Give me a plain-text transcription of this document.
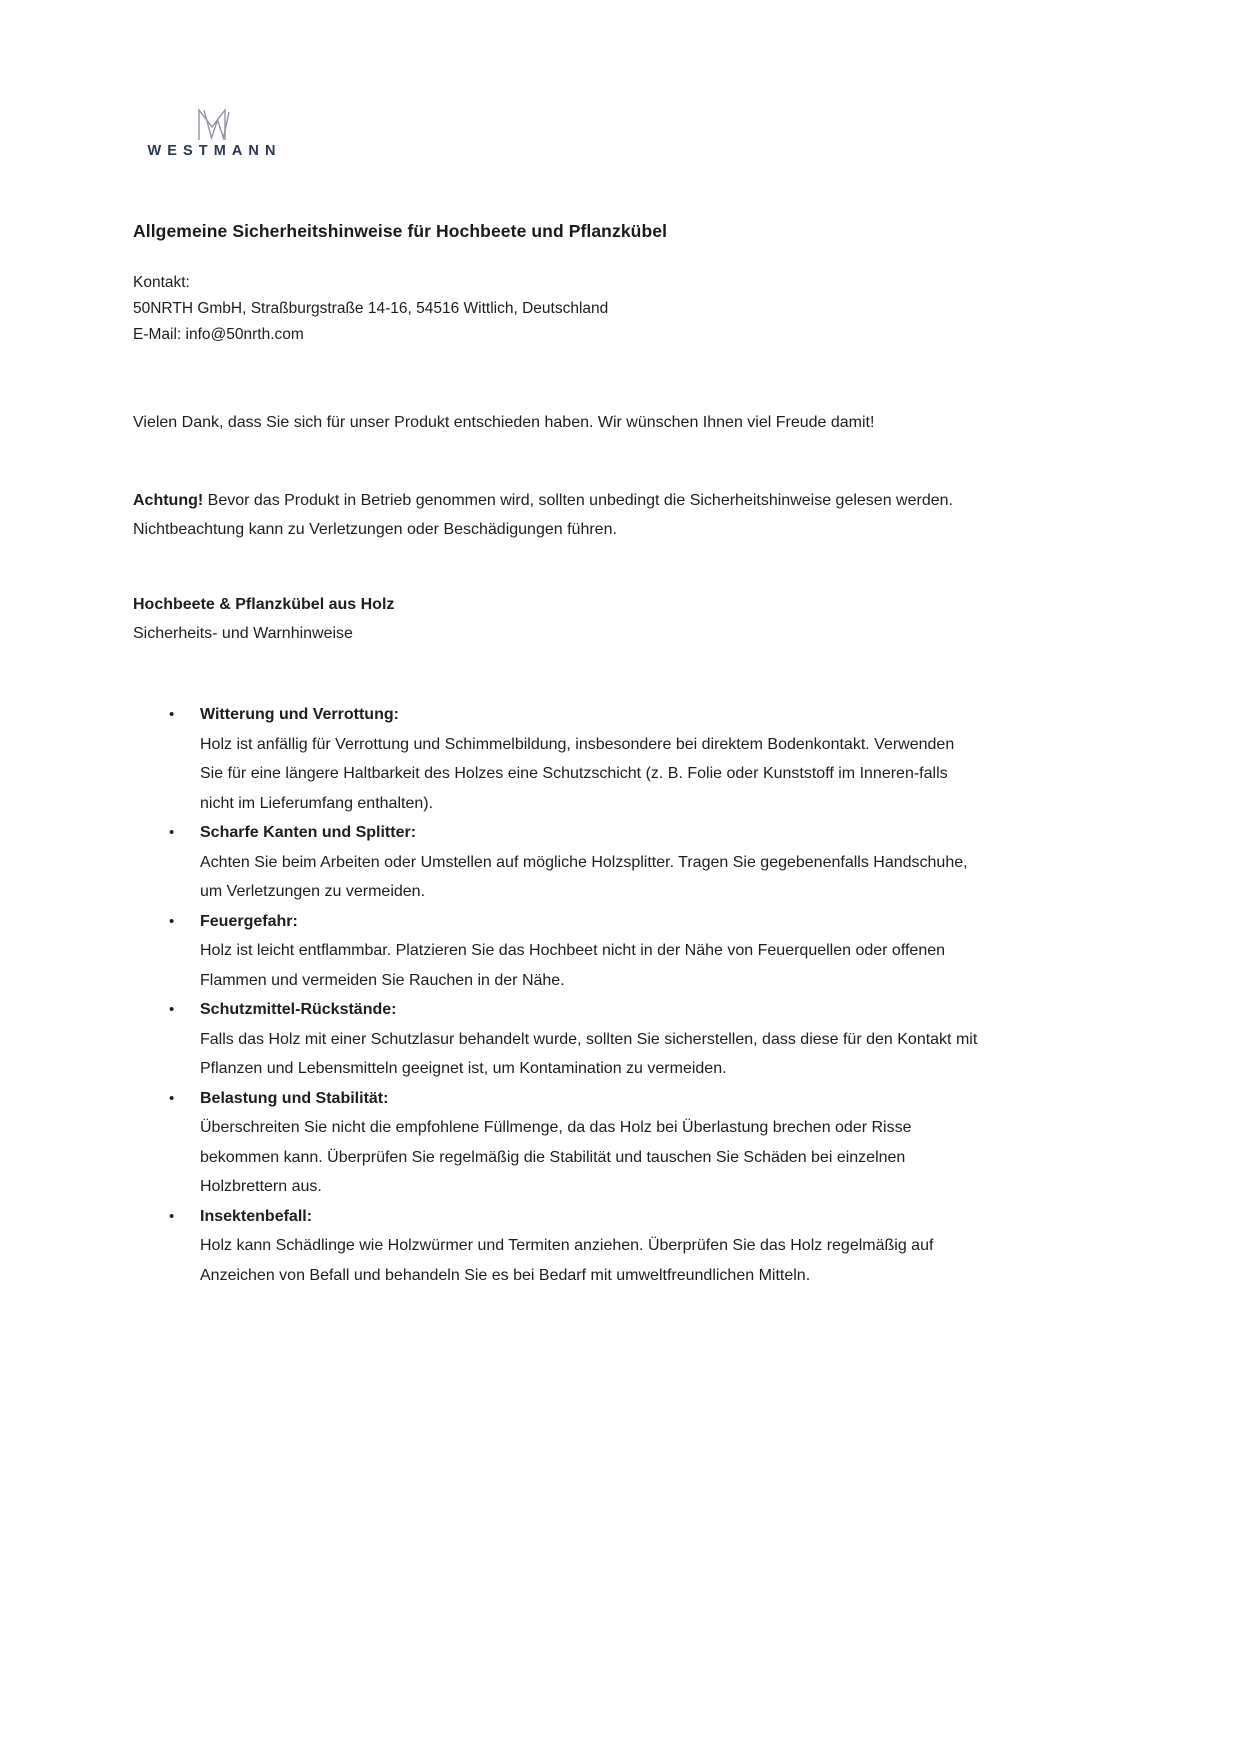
WESTMANN
Allgemeine Sicherheitshinweise für Hochbeete und Pflanzkübel
Kontakt:
50NRTH GmbH, Straßburgstraße 14-16, 54516 Wittlich, Deutschland
E-Mail: info@50nrth.com

Vielen Dank, dass Sie sich für unser Produkt entschieden haben. Wir wünschen Ihnen viel Freude damit!

Achtung! Bevor das Produkt in Betrieb genommen wird, sollten unbedingt die Sicherheitshinweise gelesen werden. Nichtbeachtung kann zu Verletzungen oder Beschädigungen führen.

Hochbeete & Pflanzkübel aus Holz

Sicherheits- und Warnhinweise

• Witterung und Verrottung:
Holz ist anfällig für Verrottung und Schimmelbildung, insbesondere bei direktem Bodenkontakt. Verwenden Sie für eine längere Haltbarkeit des Holzes eine Schutzschicht (z. B. Folie oder Kunststoff im Inneren-falls nicht im Lieferumfang enthalten).
• Scharfe Kanten und Splitter:
Achten Sie beim Arbeiten oder Umstellen auf mögliche Holzsplitter. Tragen Sie gegebenenfalls Handschuhe, um Verletzungen zu vermeiden.
• Feuergefahr:
Holz ist leicht entflammbar. Platzieren Sie das Hochbeet nicht in der Nähe von Feuerquellen oder offenen Flammen und vermeiden Sie Rauchen in der Nähe.
• Schutzmittel-Rückstände:
Falls das Holz mit einer Schutzlasur behandelt wurde, sollten Sie sicherstellen, dass diese für den Kontakt mit Pflanzen und Lebensmitteln geeignet ist, um Kontamination zu vermeiden.
• Belastung und Stabilität:
Überschreiten Sie nicht die empfohlene Füllmenge, da das Holz bei Überlastung brechen oder Risse bekommen kann. Überprüfen Sie regelmäßig die Stabilität und tauschen Sie Schäden bei einzelnen Holzbrettern aus.
• Insektenbefall:
Holz kann Schädlinge wie Holzwürmer und Termiten anziehen. Überprüfen Sie das Holz regelmäßig auf Anzeichen von Befall und behandeln Sie es bei Bedarf mit umweltfreundlichen Mitteln.
